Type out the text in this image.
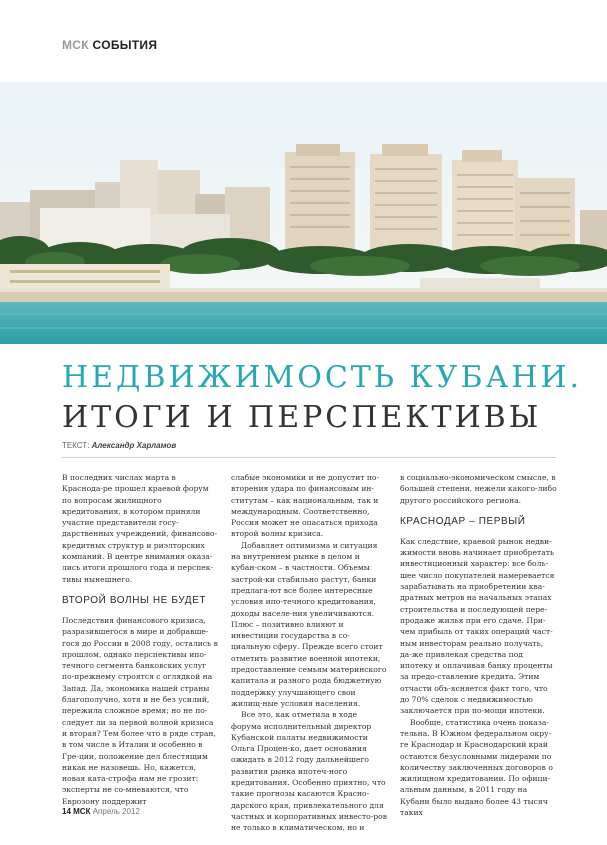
МСК СОБЫТИЯ
НЕДВИЖИМОСТЬ КУБАНИ.
ИТОГИ И ПЕРСПЕКТИВЫ
ТЕКСТ: Александр Харламов

В последних числах марта в Краснода-ре прошел краевой форум по вопросам жилищного кредитования, в котором приняли участие представители госу-дарственных учреждений, финансово-кредитных структур и риэлторских компаний. В центре внимания оказа-лись итоги прошлого года и перспек-тивы нынешнего.

ВТОРОЙ ВОЛНЫ НЕ БУДЕТ

Последствия финансового кризиса, разразившегося в мире и добравше-гося до России в 2008 году, остались в прошлом, однако перспективы ипо-течного сегмента банковских услуг по-прежнему строятся с оглядкой на Запад. Да, экономика нашей страны благополучно, хотя и не без усилий, пережила сложное время; но не по-следует ли за первой волной кризиса и вторая? Тем более что в ряде стран, в том числе в Италии и особенно в Гре-ции, положение дел блестящим никак не назовешь. Но, кажется, новая ката-строфа нам не грозит: эксперты не со-мневаются, что Еврозону поддержит

слабые экономики и не допустит по-вторения удара по финансовым ин-ститутам – как национальным, так и международным. Соответственно, Россия может не опасаться прихода второй волны кризиса.

Добавляет оптимизма и ситуация на внутреннем рынке в целом и кубан-ском – в частности. Объемы застрой-ки стабильно растут, банки предлага-ют все более интересные условия ипо-течного кредитования, доходы населе-ния увеличиваются. Плюс – позитивно влияют и инвестиции государства в со-циальную сферу. Прежде всего стоит отметить развитие военной ипотеки, предоставление семьям материнского капитала и разного рода бюджетную поддержку улучшающего свои жилищ-ные условия населения.

Все это, как отметила в ходе форума исполнительный директор Кубанской палаты недвижимости Ольга Процен-ко, дает основания ожидать в 2012 году дальнейшего развития рынка ипотеч-ного кредитования. Особенно приятно, что такие прогнозы касаются Красно-дарского края, привлекательного для частных и корпоративных инвесто-ров не только в климатическом, но и

в социально-экономическом смысле, в большей степени, нежели какого-либо другого российского региона.

КРАСНОДАР – ПЕРВЫЙ

Как следствие, краевой рынок недви-жимости вновь начинает приобретать инвестиционный характер: все боль-шее число покупателей намеревается зарабатывать на приобретении ква-дратных метров на начальных этапах строительства и последующей пере-продаже жилья при его сдаче. При-чем прибыль от таких операций част-ным инвесторам реально получать, да-же привлекая средства под ипотеку и оплачивая банку проценты за предо-ставление кредита. Этим отчасти объ-ясняется факт того, что до 70% сделок с недвижимостью заключается при по-мощи ипотеки.

Вообще, статистика очень показа-тельна. В Южном федеральном окру-ге Краснодар и Краснодарский край остаются безусловными лидерами по количеству заключенных договоров о жилищном кредитовании. По офици-альным данным, в 2011 году на Кубани было выдано более 43 тысяч таких

14 МСК Апрель 2012
